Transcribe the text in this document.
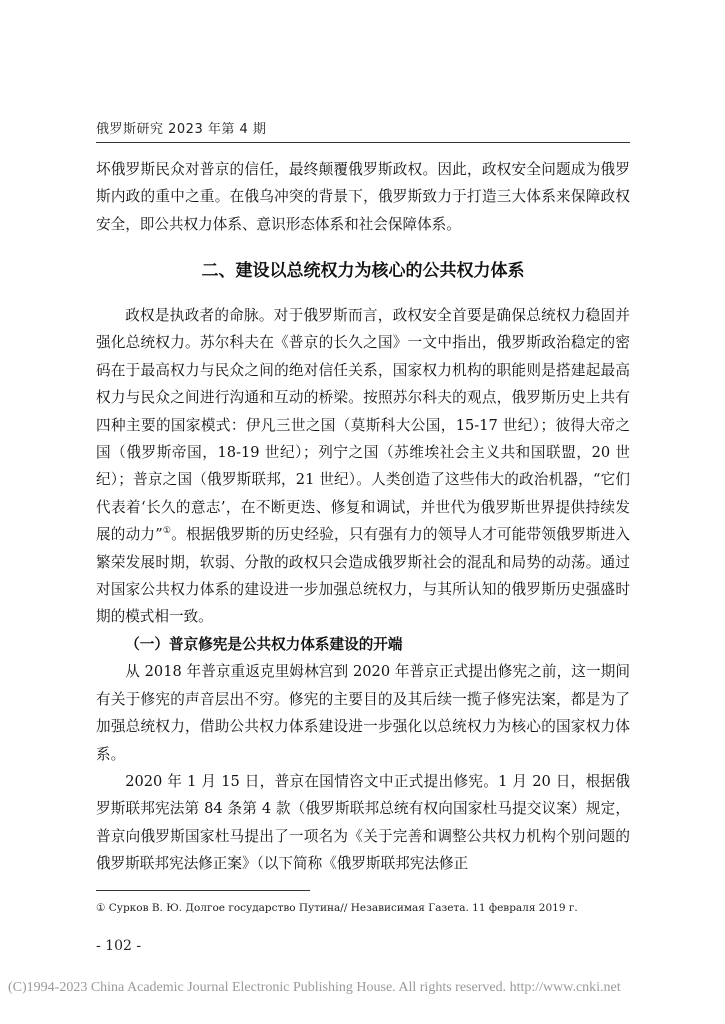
俄罗斯研究 2023 年第 4 期

坏俄罗斯民众对普京的信任，最终颠覆俄罗斯政权。因此，政权安全问题成为俄罗斯内政的重中之重。在俄乌冲突的背景下，俄罗斯致力于打造三大体系来保障政权安全，即公共权力体系、意识形态体系和社会保障体系。

二、建设以总统权力为核心的公共权力体系

政权是执政者的命脉。对于俄罗斯而言，政权安全首要是确保总统权力稳固并强化总统权力。苏尔科夫在《普京的长久之国》一文中指出，俄罗斯政治稳定的密码在于最高权力与民众之间的绝对信任关系，国家权力机构的职能则是搭建起最高权力与民众之间进行沟通和互动的桥梁。按照苏尔科夫的观点，俄罗斯历史上共有四种主要的国家模式：伊凡三世之国（莫斯科大公国，15-17 世纪）；彼得大帝之国（俄罗斯帝国，18-19 世纪）；列宁之国（苏维埃社会主义共和国联盟，20 世纪）；普京之国（俄罗斯联邦，21 世纪）。人类创造了这些伟大的政治机器，“它们代表着‘长久的意志’，在不断更迭、修复和调试，并世代为俄罗斯世界提供持续发展的动力”①。根据俄罗斯的历史经验，只有强有力的领导人才可能带领俄罗斯进入繁荣发展时期，软弱、分散的政权只会造成俄罗斯社会的混乱和局势的动荡。通过对国家公共权力体系的建设进一步加强总统权力，与其所认知的俄罗斯历史强盛时期的模式相一致。

（一）普京修宪是公共权力体系建设的开端

从 2018 年普京重返克里姆林宫到 2020 年普京正式提出修宪之前，这一期间有关于修宪的声音层出不穷。修宪的主要目的及其后续一揽子修宪法案，都是为了加强总统权力，借助公共权力体系建设进一步强化以总统权力为核心的国家权力体系。

2020 年 1 月 15 日，普京在国情咨文中正式提出修宪。1 月 20 日，根据俄罗斯联邦宪法第 84 条第 4 款（俄罗斯联邦总统有权向国家杜马提交议案）规定，普京向俄罗斯国家杜马提出了一项名为《关于完善和调整公共权力机构个别问题的俄罗斯联邦宪法修正案》（以下简称《俄罗斯联邦宪法修正

① Сурков В. Ю. Долгое государство Путина// Независимая Газета. 11 февраля 2019 г.
- 102 -
(C)1994-2023 China Academic Journal Electronic Publishing House. All rights reserved. http://www.cnki.net
